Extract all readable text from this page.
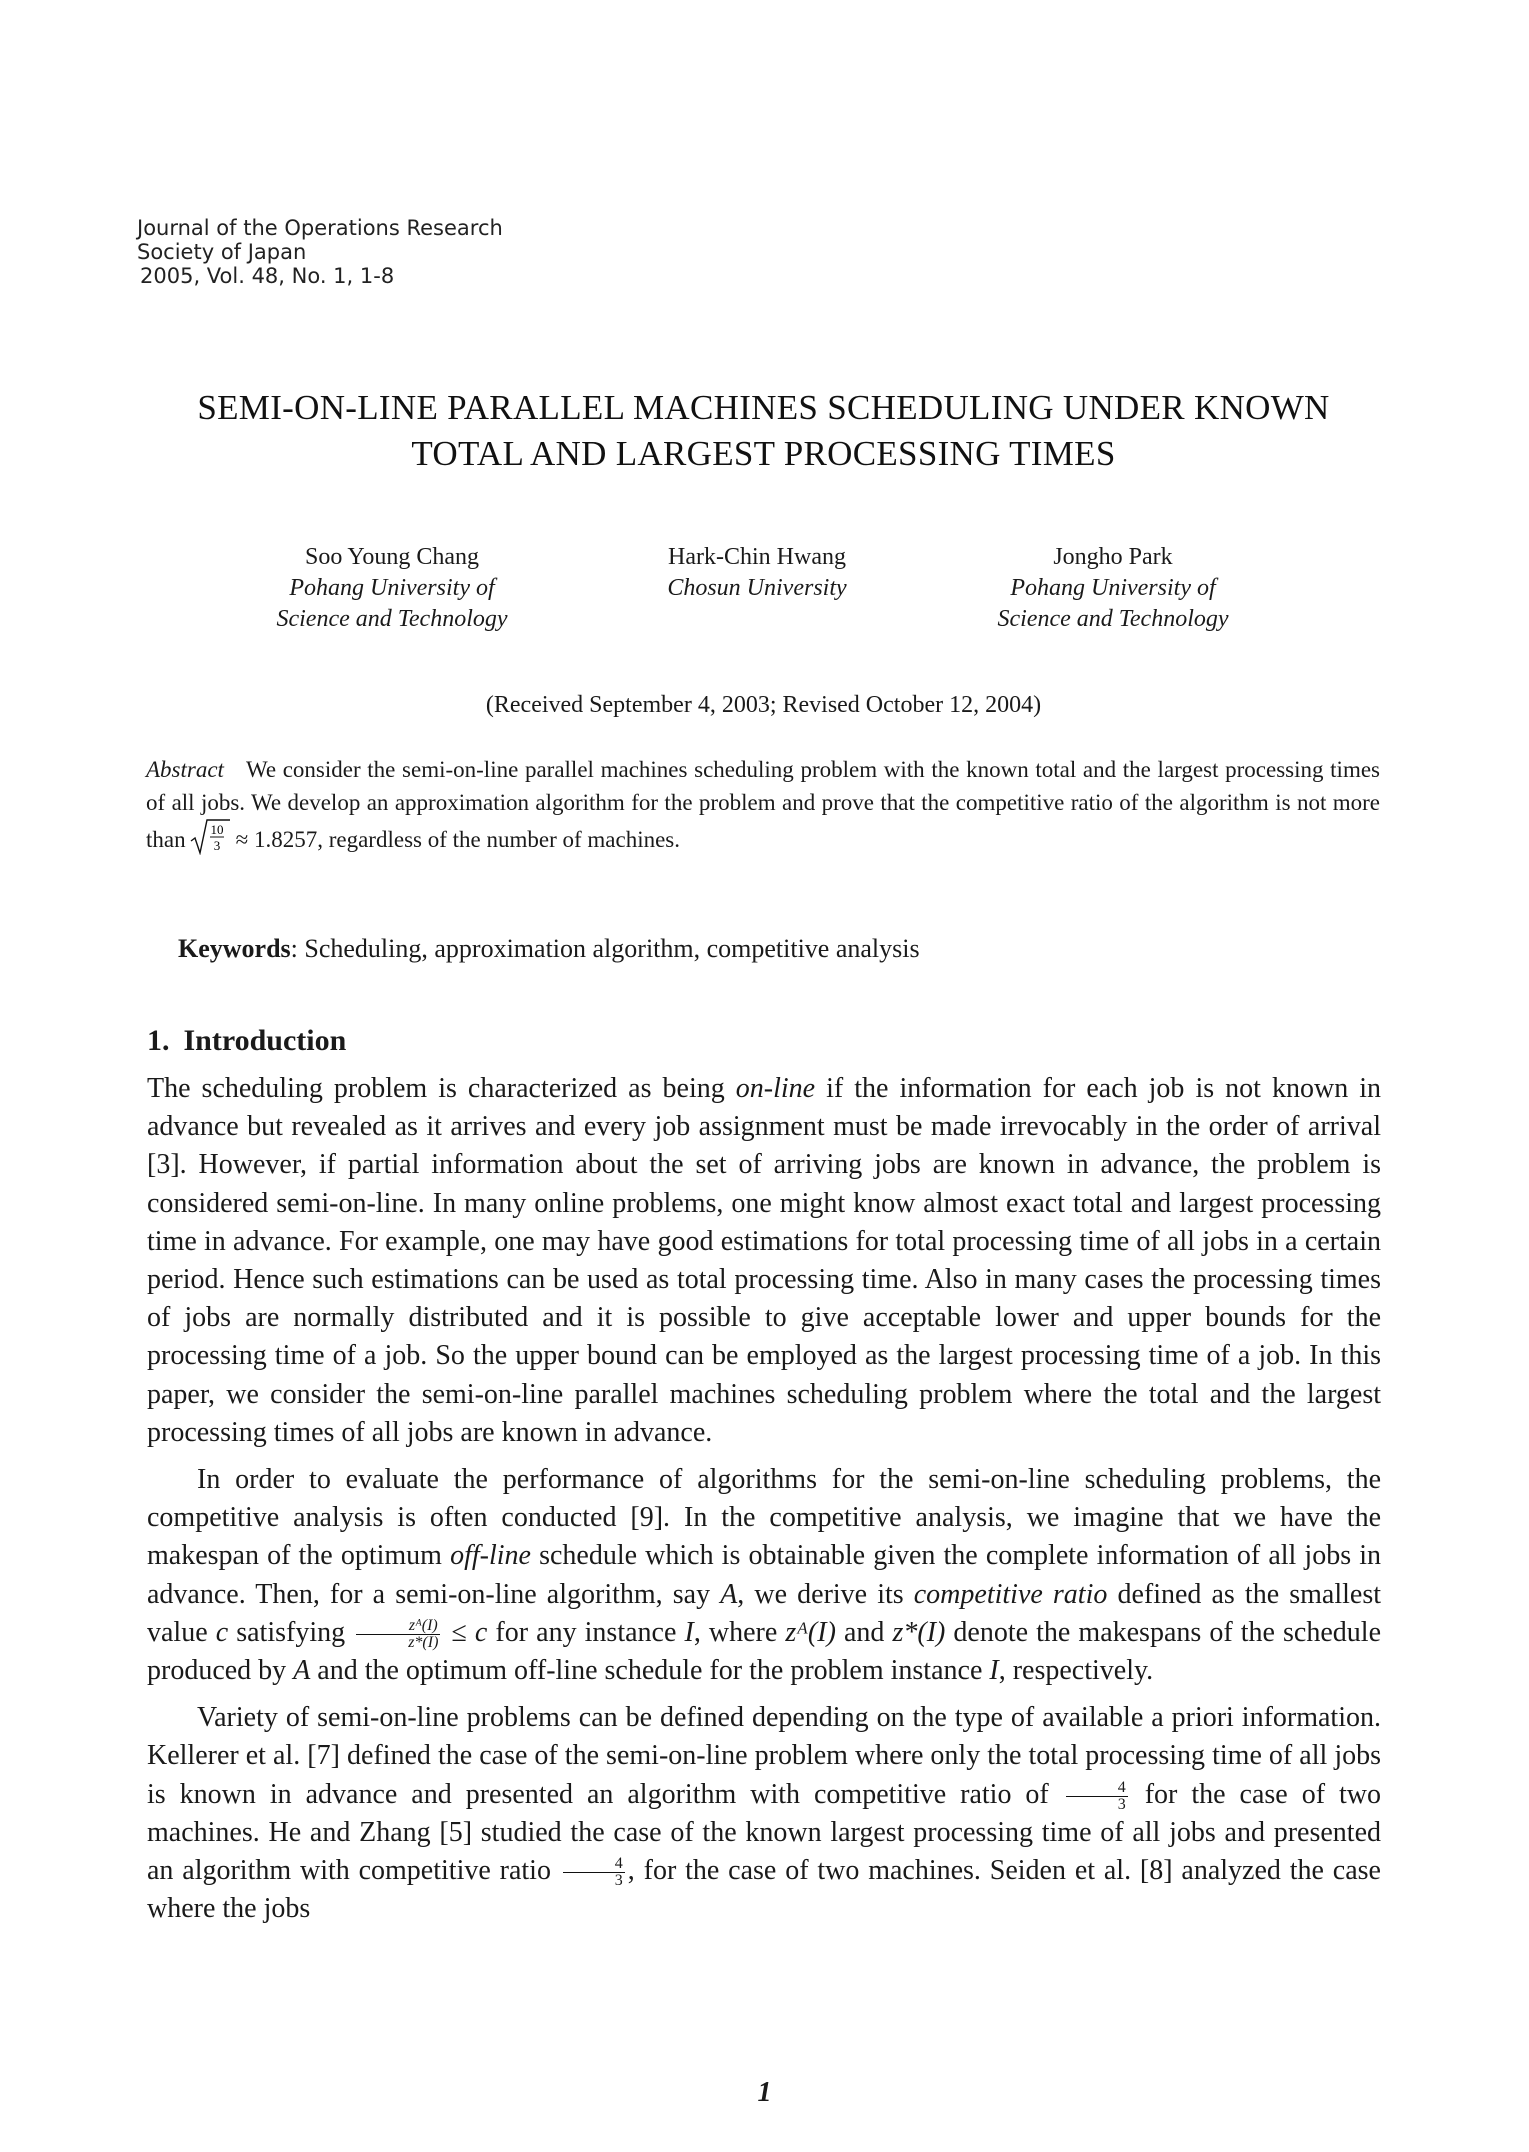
Journal of the Operations Research
Society of Japan
2005, Vol. 48, No. 1, 1-8
SEMI-ON-LINE PARALLEL MACHINES SCHEDULING UNDER KNOWN
TOTAL AND LARGEST PROCESSING TIMES
Soo Young Chang
Pohang University of
Science and Technology
Hark-Chin Hwang
Chosun University
Jongho Park
Pohang University of
Science and Technology
(Received September 4, 2003; Revised October 12, 2004)
Abstract We consider the semi-on-line parallel machines scheduling problem with the known total and the largest processing times of all jobs. We develop an approximation algorithm for the problem and prove that the competitive ratio of the algorithm is not more than 10
3 ≈ 1.8257, regardless of the number of machines.
Keywords: Scheduling, approximation algorithm, competitive analysis
1. Introduction

The scheduling problem is characterized as being on-line if the information for each job is not known in advance but revealed as it arrives and every job assignment must be made irrevocably in the order of arrival [3]. However, if partial information about the set of arriving jobs are known in advance, the problem is considered semi-on-line. In many online problems, one might know almost exact total and largest processing time in advance. For example, one may have good estimations for total processing time of all jobs in a certain period. Hence such estimations can be used as total processing time. Also in many cases the processing times of jobs are normally distributed and it is possible to give acceptable lower and upper bounds for the processing time of a job. So the upper bound can be employed as the largest processing time of a job. In this paper, we consider the semi-on-line parallel machines scheduling problem where the total and the largest processing times of all jobs are known in advance.

In order to evaluate the performance of algorithms for the semi-on-line scheduling problems, the competitive analysis is often conducted [9]. In the competitive analysis, we imagine that we have the makespan of the optimum off-line schedule which is obtainable given the complete information of all jobs in advance. Then, for a semi-on-line algorithm, say A, we derive its competitive ratio defined as the smallest value c satisfying $\frac{\text{zᴬ(I)}}{z*(I)} \le c$ for any instance I, where zᴬ(I) and z*(I) denote the makespans of the schedule produced by A and the optimum off-line schedule for the problem instance I, respectively.

Variety of semi-on-line problems can be defined depending on the type of available a priori information. Kellerer et al. [7] defined the case of the semi-on-line problem where only the total processing time of all jobs is known in advance and presented an algorithm with competitive ratio of $\frac{4}{3}$ for the case of two machines. He and Zhang [5] studied the case of the known largest processing time of all jobs and presented an algorithm with competitive ratio $\frac{4}{3}$ , for the case of two machines. Seiden et al. [8] analyzed the case where the jobs

1
